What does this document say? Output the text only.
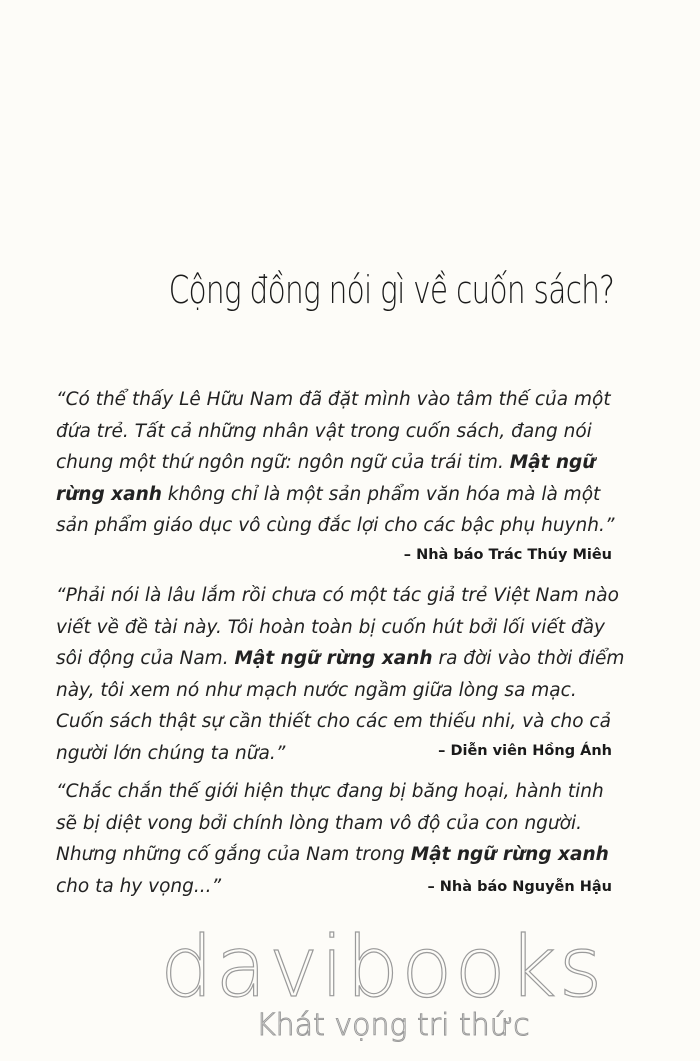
Cộng đồng nói gì về cuốn sách?

“Có thể thấy Lê Hữu Nam đã đặt mình vào tâm thế của một đứa trẻ. Tất cả những nhân vật trong cuốn sách, đang nói chung một thứ ngôn ngữ: ngôn ngữ của trái tim. Mật ngữ rừng xanh không chỉ là một sản phẩm văn hóa mà là một sản phẩm giáo dục vô cùng đắc lợi cho các bậc phụ huynh.”

– Nhà báo Trác Thúy Miêu

“Phải nói là lâu lắm rồi chưa có một tác giả trẻ Việt Nam nào viết về đề tài này. Tôi hoàn toàn bị cuốn hút bởi lối viết đầy sôi động của Nam. Mật ngữ rừng xanh ra đời vào thời điểm này, tôi xem nó như mạch nước ngầm giữa lòng sa mạc. Cuốn sách thật sự cần thiết cho các em thiếu nhi, và cho cả người lớn chúng ta nữa.”	– Diễn viên Hồng Ánh

“Chắc chắn thế giới hiện thực đang bị băng hoại, hành tinh sẽ bị diệt vong bởi chính lòng tham vô độ của con người. Nhưng những cố gắng của Nam trong Mật ngữ rừng xanh cho ta hy vọng...”	– Nhà báo Nguyễn Hậu
davibooks
Khát vọng tri thức
